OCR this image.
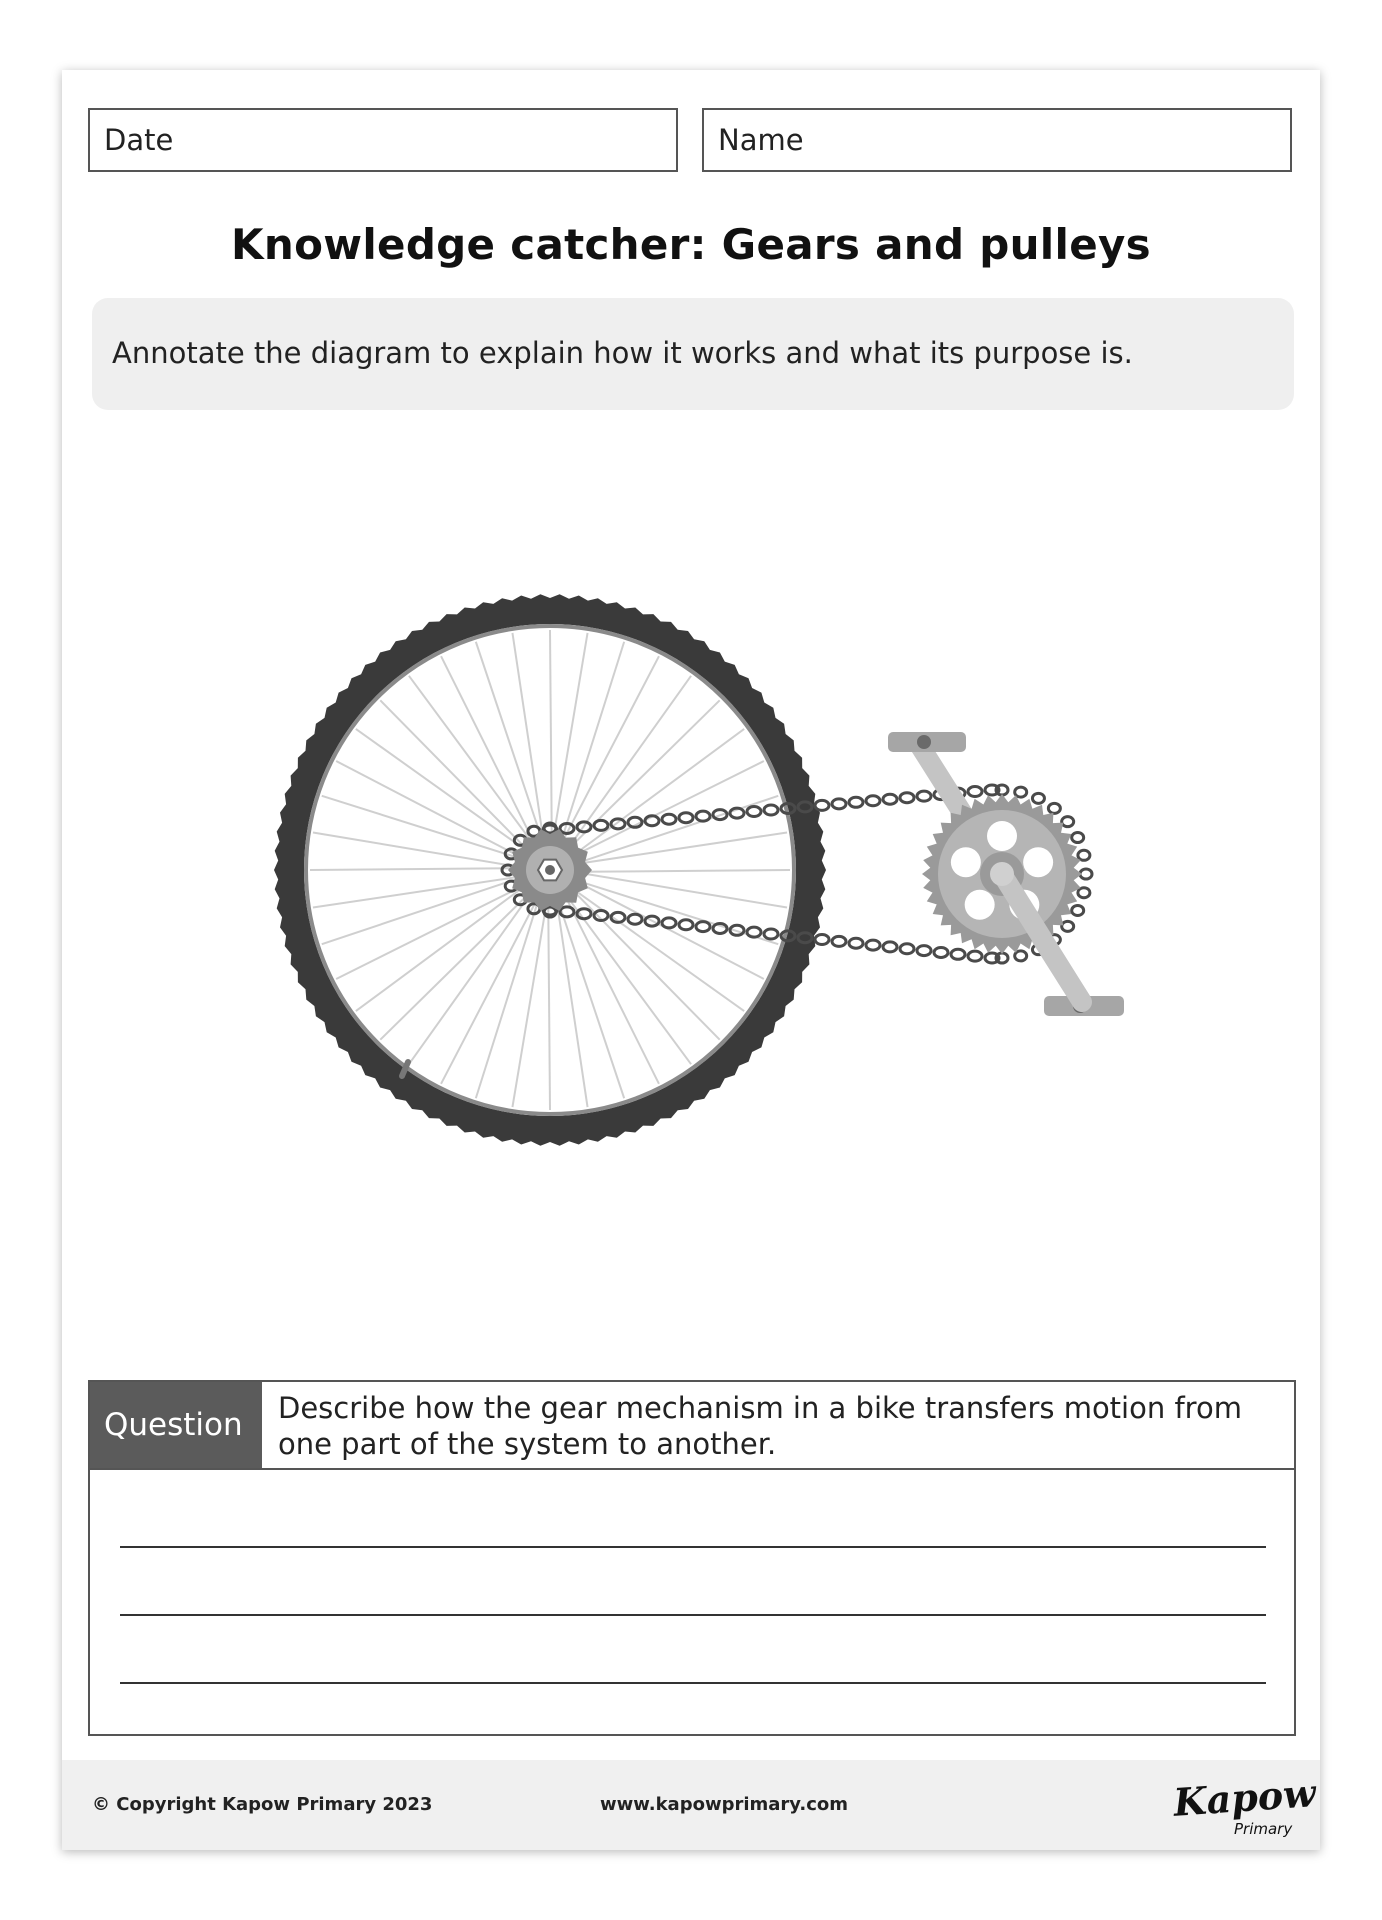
Date	Name
Knowledge catcher: Gears and pulleys
Annotate the diagram to explain how it works and what its purpose is.
Question	Describe how the gear mechanism in a bike transfers motion from one part of the system to another.
© Copyright Kapow Primary 2023	www.kapowprimary.com	Kapow
Primary
